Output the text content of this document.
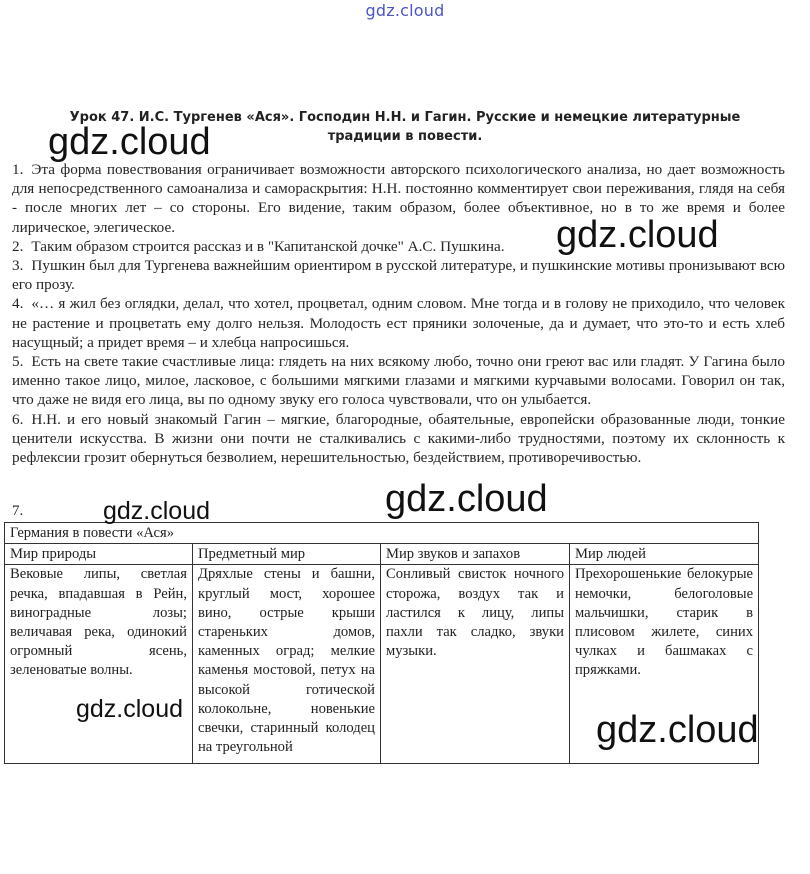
gdz.cloud
Урок 47. И.С. Тургенев «Ася». Господин Н.Н. и Гагин. Русские и немецкие литературные традиции в повести.

1. Эта форма повествования ограничивает возможности авторского психологического анализа, но дает возможность для непосредственного самоанализа и самораскрытия: Н.Н. постоянно комментирует свои переживания, глядя на себя - после многих лет – со стороны. Его видение, таким образом, более объективное, но в то же время и более лирическое, элегическое.

2. Таким образом строится рассказ и в "Капитанской дочке" А.С. Пушкина.

3. Пушкин был для Тургенева важнейшим ориентиром в русской литературе, и пушкинские мотивы пронизывают всю его прозу.

4. «… я жил без оглядки, делал, что хотел, процветал, одним словом. Мне тогда и в голову не приходило, что человек не растение и процветать ему долго нельзя. Молодость ест пряники золоченые, да и думает, что это-то и есть хлеб насущный; а придет время – и хлебца напросишься.

5. Есть на свете такие счастливые лица: глядеть на них всякому любо, точно они греют вас или гладят. У Гагина было именно такое лицо, милое, ласковое, с большими мягкими глазами и мягкими курчавыми волосами. Говорил он так, что даже не видя его лица, вы по одному звуку его голоса чувствовали, что он улыбается.

6. Н.Н. и его новый знакомый Гагин – мягкие, благородные, обаятельные, европейски образованные люди, тонкие ценители искусства. В жизни они почти не сталкивались с какими-либо трудностями, поэтому их склонность к рефлексии грозит обернуться безволием, нерешительностью, бездействием, противоречивостью.

7.
Германия в повести «Ася»			
Мир природы	Предметный мир	Мир звуков и запахов	Мир людей
Вековые липы, светлая речка, впадавшая в Рейн, виноградные лозы; величавая река, одинокий огромный ясень, зеленоватые волны.	Дряхлые стены и башни, круглый мост, хорошее вино, острые крыши стареньких домов, каменных оград; мелкие каменья мостовой, петух на высокой готической колокольне, новенькие свечки, старинный колодец на треугольной	Сонливый свисток ночного сторожа, воздух так и ластился к лицу, липы пахли так сладко, звуки музыки.	Прехорошенькие белокурые немочки, белоголовые мальчишки, старик в плисовом жилете, синих чулках и башмаках с пряжками.
gdz.cloud
gdz.cloud
gdz.cloud
gdz.cloud
gdz.cloud	gdz.cloud
